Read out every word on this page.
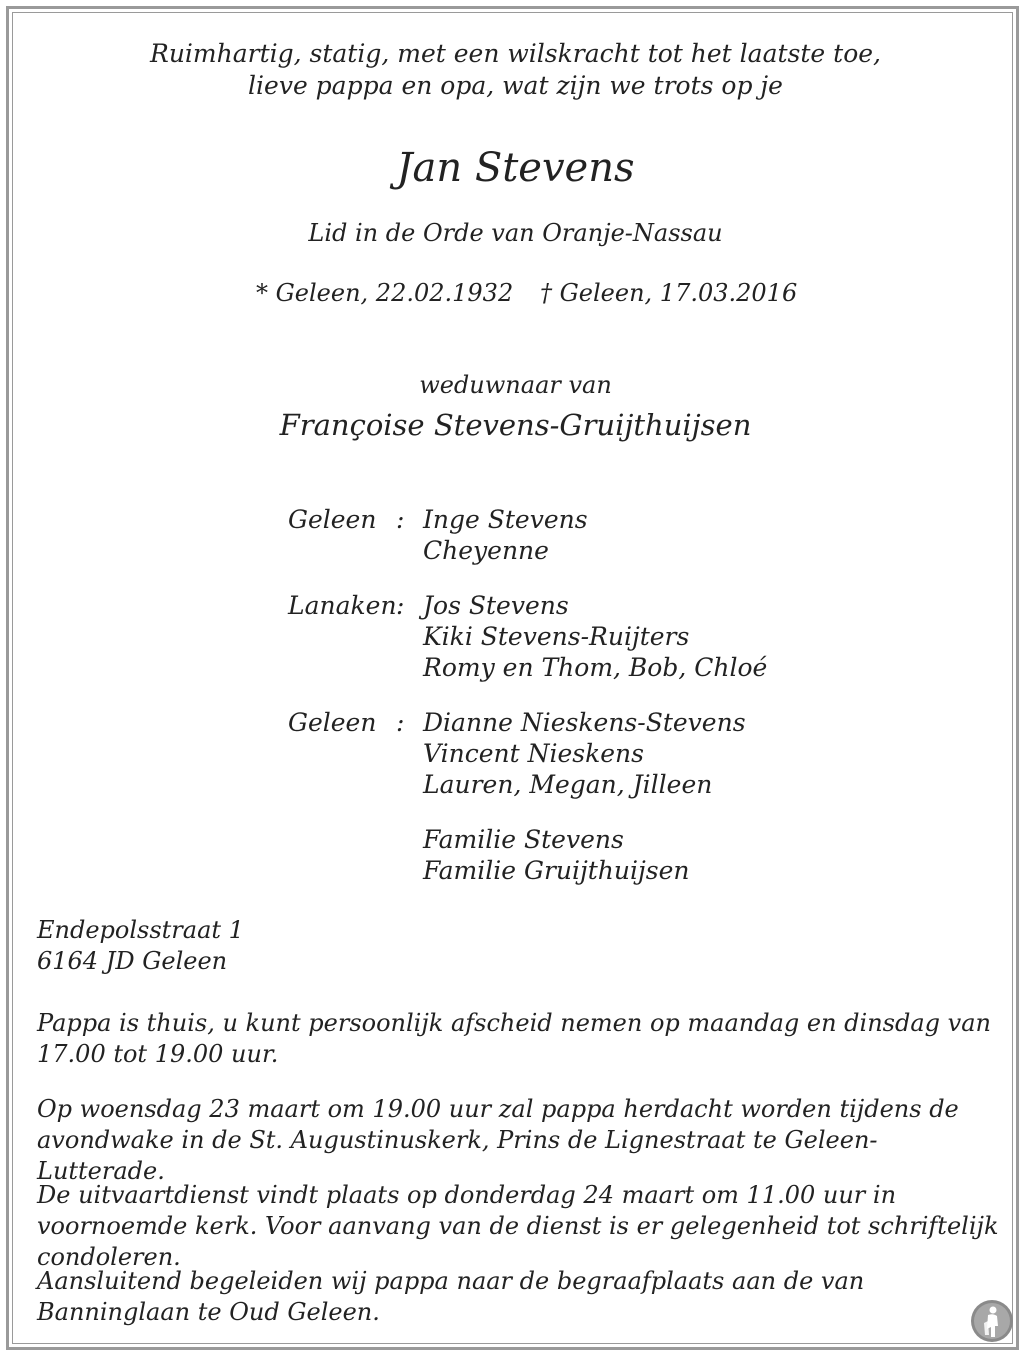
Ruimhartig, statig, met een wilskracht tot het laatste toe,
lieve pappa en opa, wat zijn we trots op je
Jan Stevens
Lid in de Orde van Oranje-Nassau
* Geleen, 22.02.1932 † Geleen, 17.03.2016
weduwnaar van
Françoise Stevens-Gruijthuijsen
Geleen : Inge Stevens
Cheyenne
Lanaken : Jos Stevens
Kiki Stevens-Ruijters
Romy en Thom, Bob, Chloé
Geleen : Dianne Nieskens-Stevens
Vincent Nieskens
Lauren, Megan, Jilleen
Familie Stevens
Familie Gruijthuijsen
Endepolsstraat 1
6164 JD Geleen
Pappa is thuis, u kunt persoonlijk afscheid nemen op maandag en dinsdag van 17.00 tot 19.00 uur.
Op woensdag 23 maart om 19.00 uur zal pappa herdacht worden tijdens de avondwake in de St. Augustinuskerk, Prins de Lignestraat te Geleen-Lutterade.
De uitvaartdienst vindt plaats op donderdag 24 maart om 11.00 uur in voornoemde kerk. Voor aanvang van de dienst is er gelegenheid tot schriftelijk condoleren.
Aansluitend begeleiden wij pappa naar de begraafplaats aan de van Banninglaan te Oud Geleen.
